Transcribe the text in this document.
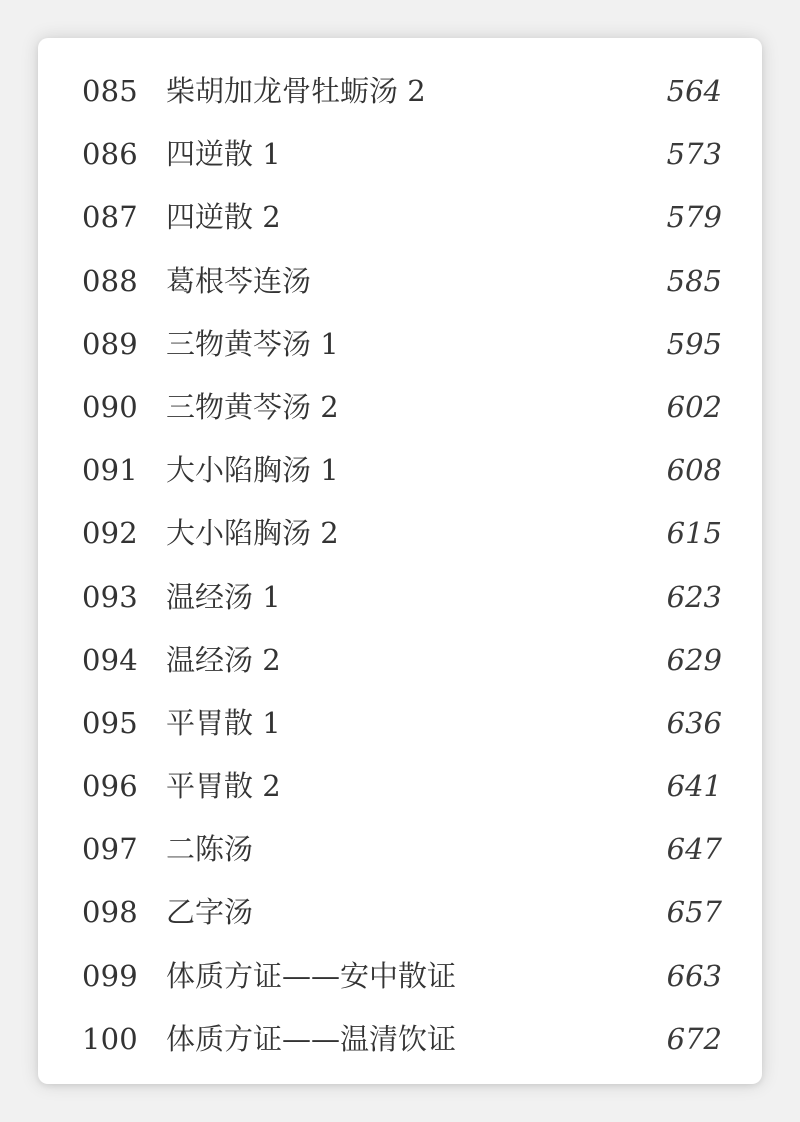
085 柴胡加龙骨牡蛎汤 2	564
086 四逆散 1	573
087 四逆散 2	579
088 葛根芩连汤	585
089 三物黄芩汤 1	595
090 三物黄芩汤 2	602
091 大小陷胸汤 1	608
092 大小陷胸汤 2	615
093 温经汤 1	623
094 温经汤 2	629
095 平胃散 1	636
096 平胃散 2	641
097 二陈汤	647
098 乙字汤	657
099 体质方证——安中散证	663
100 体质方证——温清饮证	672
